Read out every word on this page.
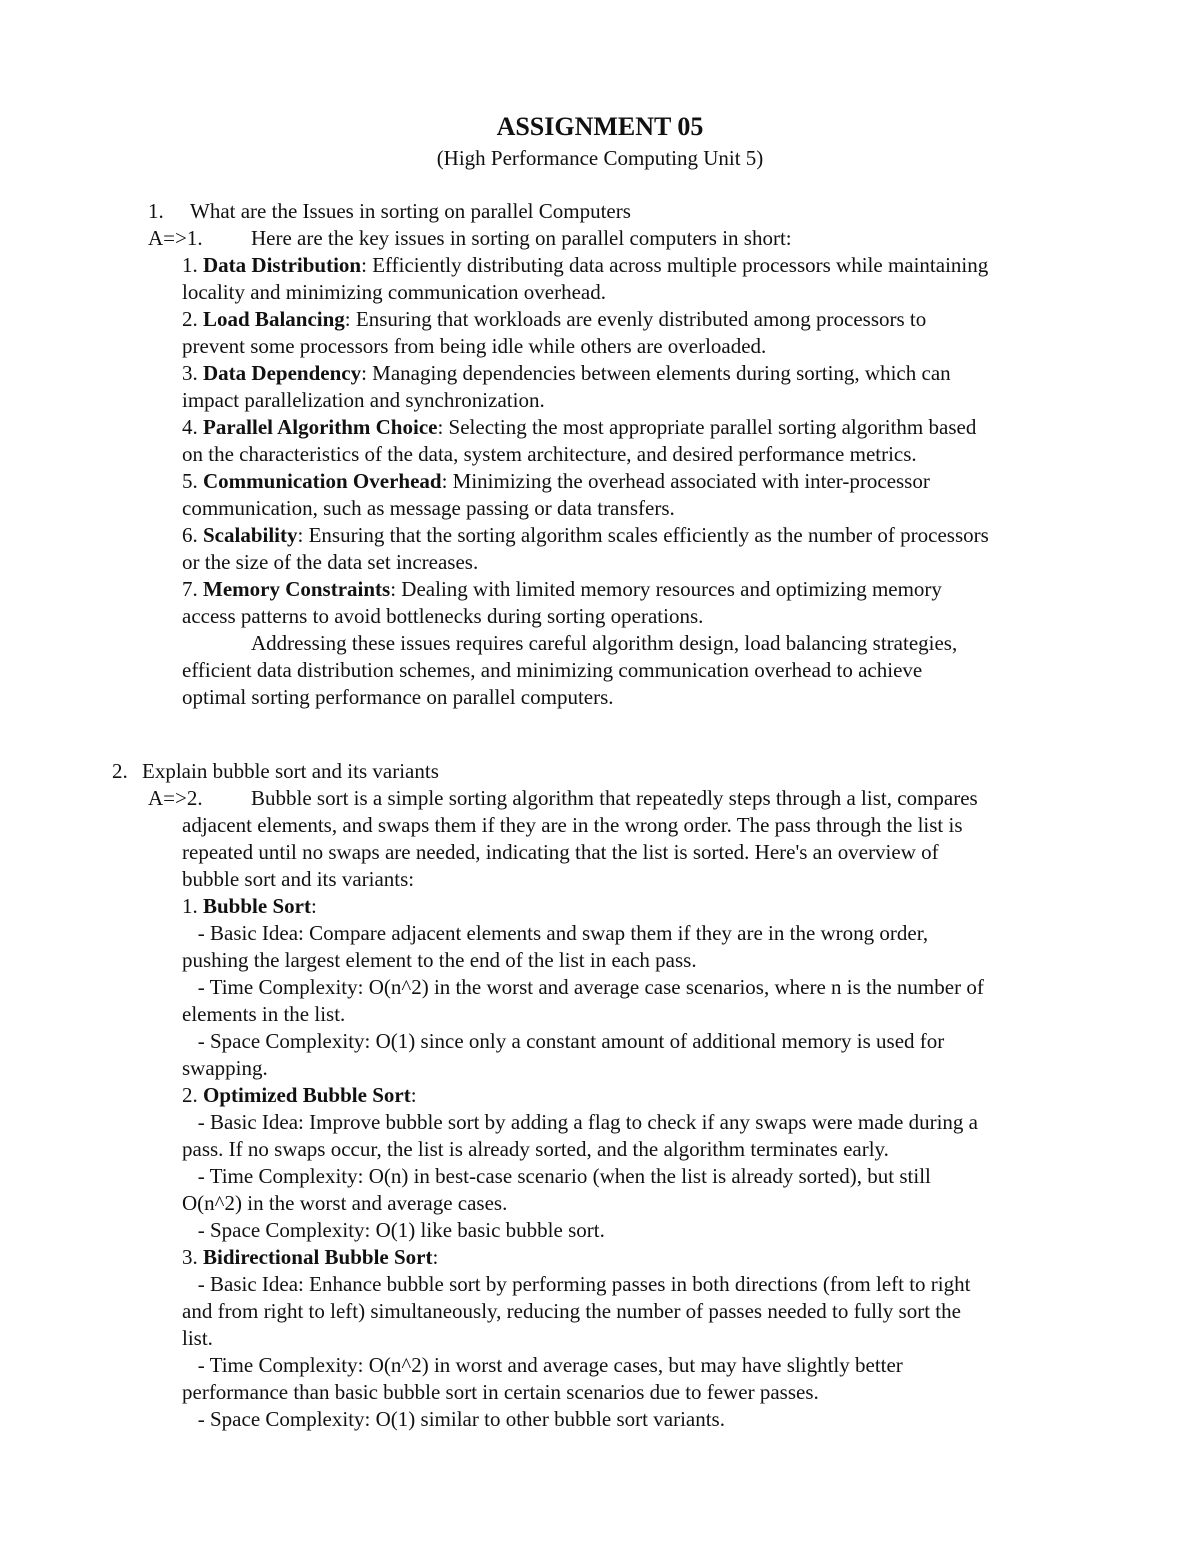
ASSIGNMENT 05
(High Performance Computing Unit 5)
1. What are the Issues in sorting on parallel Computers
A=>1. Here are the key issues in sorting on parallel computers in short:
1. Data Distribution: Efficiently distributing data across multiple processors while maintaining
locality and minimizing communication overhead.
2. Load Balancing: Ensuring that workloads are evenly distributed among processors to
prevent some processors from being idle while others are overloaded.
3. Data Dependency: Managing dependencies between elements during sorting, which can
impact parallelization and synchronization.
4. Parallel Algorithm Choice: Selecting the most appropriate parallel sorting algorithm based
on the characteristics of the data, system architecture, and desired performance metrics.
5. Communication Overhead: Minimizing the overhead associated with inter-processor
communication, such as message passing or data transfers.
6. Scalability: Ensuring that the sorting algorithm scales efficiently as the number of processors
or the size of the data set increases.
7. Memory Constraints: Dealing with limited memory resources and optimizing memory
access patterns to avoid bottlenecks during sorting operations.
Addressing these issues requires careful algorithm design, load balancing strategies,
efficient data distribution schemes, and minimizing communication overhead to achieve
optimal sorting performance on parallel computers.
2. Explain bubble sort and its variants
A=>2. Bubble sort is a simple sorting algorithm that repeatedly steps through a list, compares
adjacent elements, and swaps them if they are in the wrong order. The pass through the list is
repeated until no swaps are needed, indicating that the list is sorted. Here's an overview of
bubble sort and its variants:
1. Bubble Sort:
- Basic Idea: Compare adjacent elements and swap them if they are in the wrong order,
pushing the largest element to the end of the list in each pass.
- Time Complexity: O(n^2) in the worst and average case scenarios, where n is the number of
elements in the list.
- Space Complexity: O(1) since only a constant amount of additional memory is used for
swapping.
2. Optimized Bubble Sort:
- Basic Idea: Improve bubble sort by adding a flag to check if any swaps were made during a
pass. If no swaps occur, the list is already sorted, and the algorithm terminates early.
- Time Complexity: O(n) in best-case scenario (when the list is already sorted), but still
O(n^2) in the worst and average cases.
- Space Complexity: O(1) like basic bubble sort.
3. Bidirectional Bubble Sort:
- Basic Idea: Enhance bubble sort by performing passes in both directions (from left to right
and from right to left) simultaneously, reducing the number of passes needed to fully sort the
list.
- Time Complexity: O(n^2) in worst and average cases, but may have slightly better
performance than basic bubble sort in certain scenarios due to fewer passes.
- Space Complexity: O(1) similar to other bubble sort variants.
